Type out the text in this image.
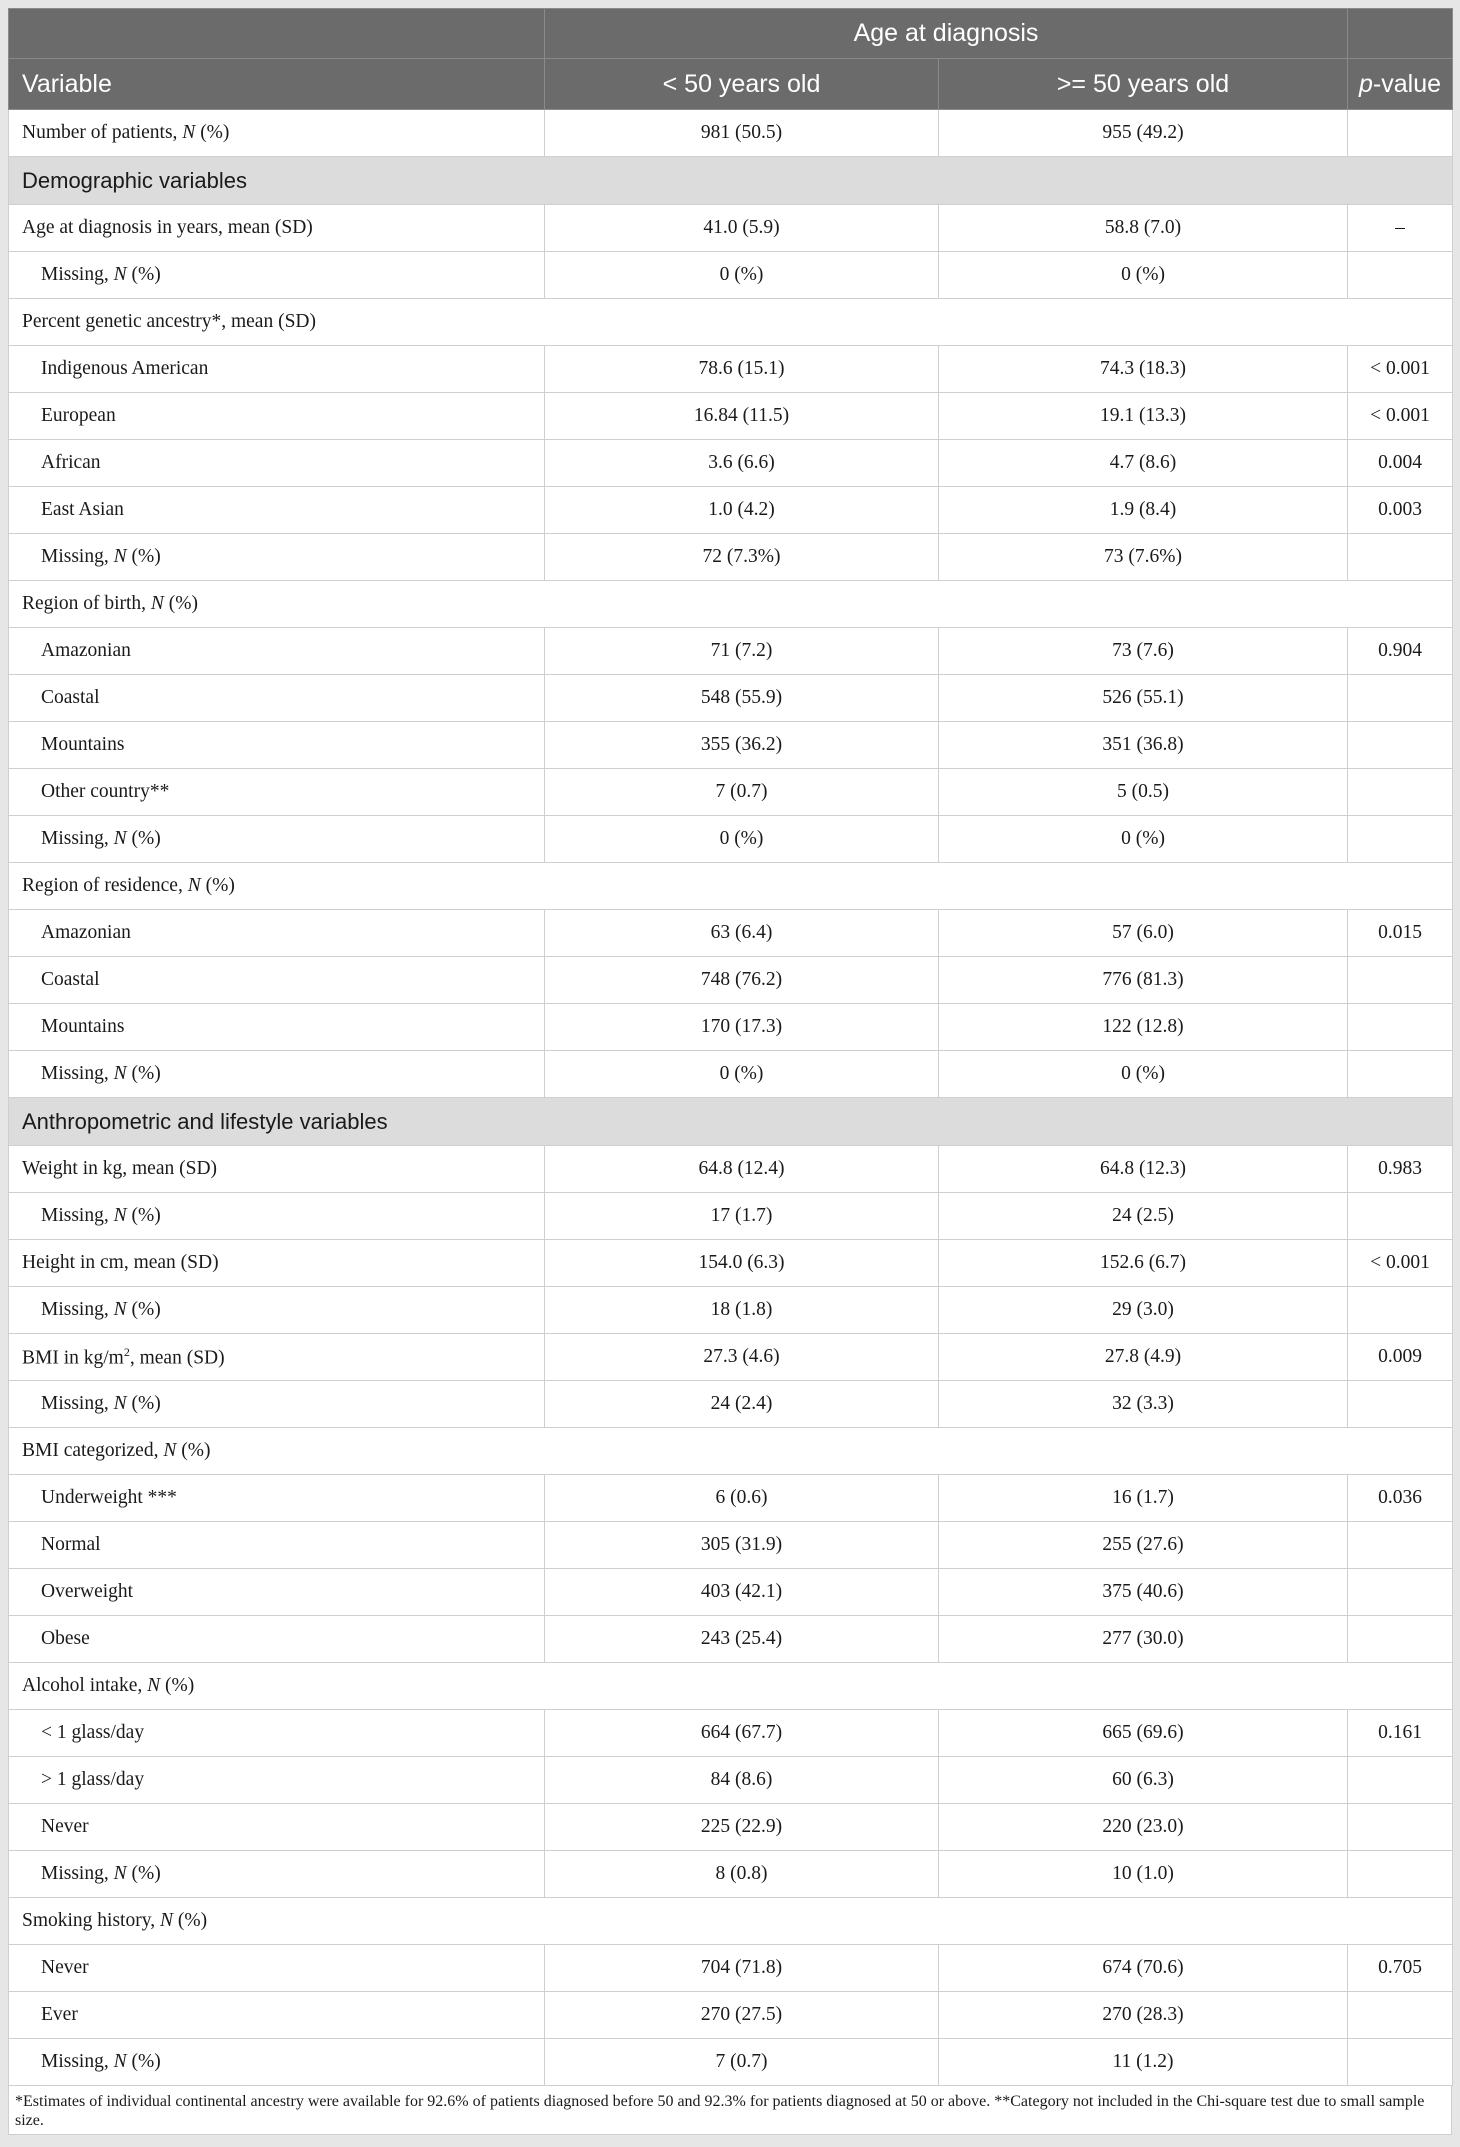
	Age at diagnosis		
Variable	< 50 years old	>= 50 years old	p-value
Number of patients, N (%)	981 (50.5)	955 (49.2)	
Demographic variables			
Age at diagnosis in years, mean (SD)	41.0 (5.9)	58.8 (7.0)	–
Missing, N (%)	0 (%)	0 (%)	
Percent genetic ancestry*, mean (SD)			
Indigenous American	78.6 (15.1)	74.3 (18.3)	< 0.001
European	16.84 (11.5)	19.1 (13.3)	< 0.001
African	3.6 (6.6)	4.7 (8.6)	0.004
East Asian	1.0 (4.2)	1.9 (8.4)	0.003
Missing, N (%)	72 (7.3%)	73 (7.6%)	
Region of birth, N (%)			
Amazonian	71 (7.2)	73 (7.6)	0.904
Coastal	548 (55.9)	526 (55.1)	
Mountains	355 (36.2)	351 (36.8)	
Other country**	7 (0.7)	5 (0.5)	
Missing, N (%)	0 (%)	0 (%)	
Region of residence, N (%)			
Amazonian	63 (6.4)	57 (6.0)	0.015
Coastal	748 (76.2)	776 (81.3)	
Mountains	170 (17.3)	122 (12.8)	
Missing, N (%)	0 (%)	0 (%)	
Anthropometric and lifestyle variables			
Weight in kg, mean (SD)	64.8 (12.4)	64.8 (12.3)	0.983
Missing, N (%)	17 (1.7)	24 (2.5)	
Height in cm, mean (SD)	154.0 (6.3)	152.6 (6.7)	< 0.001
Missing, N (%)	18 (1.8)	29 (3.0)	
BMI in $kg/m^2$, mean (SD)	27.3 (4.6)	27.8 (4.9)	0.009
Missing, N (%)	24 (2.4)	32 (3.3)	
BMI categorized, N (%)			
Underweight ***	6 (0.6)	16 (1.7)	0.036
Normal	305 (31.9)	255 (27.6)	
Overweight	403 (42.1)	375 (40.6)	
Obese	243 (25.4)	277 (30.0)	
Alcohol intake, N (%)			
< 1 glass/day	664 (67.7)	665 (69.6)	0.161
> 1 glass/day	84 (8.6)	60 (6.3)	
Never	225 (22.9)	220 (23.0)	
Missing, N (%)	8 (0.8)	10 (1.0)	
Smoking history, N (%)			
Never	704 (71.8)	674 (70.6)	0.705
Ever	270 (27.5)	270 (28.3)	
Missing, N (%)	7 (0.7)	11 (1.2)	
*Estimates of individual continental ancestry were available for 92.6% of patients diagnosed before 50 and 92.3% for patients diagnosed at 50 or above. **Category not included in the Chi-square test due to small sample size.
